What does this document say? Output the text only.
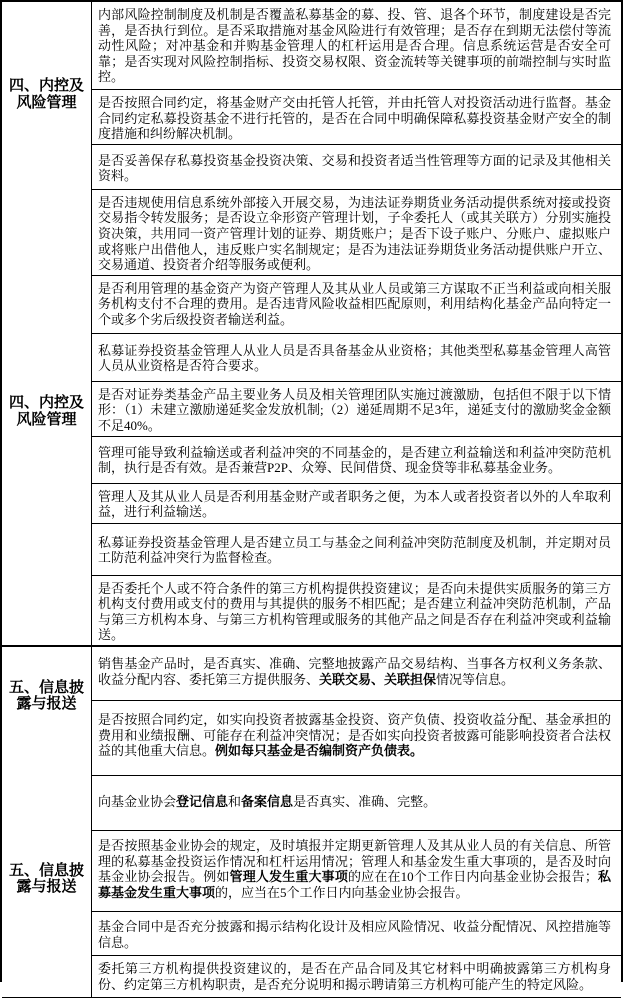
四、内控及风险管理
四、内控及风险管理
内部风险控制制度及机制是否覆盖私募基金的募、投、管、退各个环节，制度建设是否完善，是否执行到位。是否采取措施对基金风险进行有效管理；是否存在到期无法偿付等流动性风险；对冲基金和并购基金管理人的杠杆运用是否合理。信息系统运营是否安全可靠；是否实现对风险控制指标、投资交易权限、资金流转等关键事项的前端控制与实时监控。
是否按照合同约定，将基金财产交由托管人托管，并由托管人对投资活动进行监督。基金合同约定私募投资基金不进行托管的，是否在合同中明确保障私募投资基金财产安全的制度措施和纠纷解决机制。
是否妥善保存私募投资基金投资决策、交易和投资者适当性管理等方面的记录及其他相关资料。
是否违规使用信息系统外部接入开展交易，为违法证券期货业务活动提供系统对接或投资交易指令转发服务；是否设立伞形资产管理计划，子伞委托人（或其关联方）分别实施投资决策，共用同一资产管理计划的证券、期货账户；是否下设子账户、分账户、虚拟账户或将账户出借他人，违反账户实名制规定；是否为违法证券期货业务活动提供账户开立、交易通道、投资者介绍等服务或便利。
是否利用管理的基金资产为资产管理人及其从业人员或第三方谋取不正当利益或向相关服务机构支付不合理的费用。是否违背风险收益相匹配原则，利用结构化基金产品向特定一个或多个劣后级投资者输送利益。
私募证券投资基金管理人从业人员是否具备基金从业资格；其他类型私募基金管理人高管人员从业资格是否符合要求。
是否对证券类基金产品主要业务人员及相关管理团队实施过渡激励，包括但不限于以下情形：（1）未建立激励递延奖金发放机制;（2）递延周期不足3年，递延支付的激励奖金金额不足40%。
管理可能导致利益输送或者利益冲突的不同基金的，是否建立利益输送和利益冲突防范机制，执行是否有效。是否兼营P2P、众筹、民间借贷、现金贷等非私募基金业务。
管理人及其从业人员是否利用基金财产或者职务之便，为本人或者投资者以外的人牟取利益，进行利益输送。
私募证券投资基金管理人是否建立员工与基金之间利益冲突防范制度及机制，并定期对员工防范利益冲突行为监督检查。
是否委托个人或不符合条件的第三方机构提供投资建议；是否向未提供实质服务的第三方机构支付费用或支付的费用与其提供的服务不相匹配；是否建立利益冲突防范机制，产品与第三方机构本身、与第三方机构管理或服务的其他产品之间是否存在利益冲突或利益输送。
五、信息披露与报送
五、信息披露与报送
销售基金产品时，是否真实、准确、完整地披露产品交易结构、当事各方权利义务条款、收益分配内容、委托第三方提供服务、关联交易、关联担保情况等信息。
是否按照合同约定，如实向投资者披露基金投资、资产负债、投资收益分配、基金承担的费用和业绩报酬、可能存在利益冲突情况；是否如实向投资者披露可能影响投资者合法权益的其他重大信息。例如每只基金是否编制资产负债表。
向基金业协会登记信息和备案信息是否真实、准确、完整。
是否按照基金业协会的规定，及时填报并定期更新管理人及其从业人员的有关信息、所管理的私募基金投资运作情况和杠杆运用情况；管理人和基金发生重大事项的，是否及时向基金业协会报告。例如管理人发生重大事项的应在在10个工作日内向基金业协会报告；私募基金发生重大事项的，应当在5个工作日内向基金业协会报告。
基金合同中是否充分披露和揭示结构化设计及相应风险情况、收益分配情况、风控措施等信息。
委托第三方机构提供投资建议的，是否在产品合同及其它材料中明确披露第三方机构身份、约定第三方机构职责，是否充分说明和揭示聘请第三方机构可能产生的特定风险。
